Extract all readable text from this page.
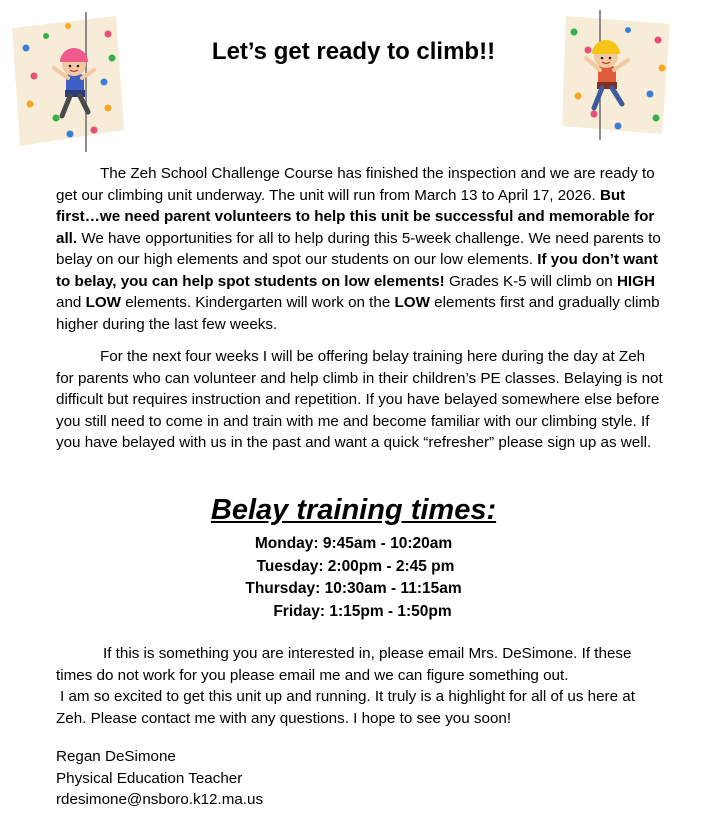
Let’s get ready to climb!!

The Zeh School Challenge Course has finished the inspection and we are ready to get our climbing unit underway. The unit will run from March 13 to April 17, 2026. But first…we need parent volunteers to help this unit be successful and memorable for all. We have opportunities for all to help during this 5-week challenge. We need parents to belay on our high elements and spot our students on our low elements. If you don’t want to belay, you can help spot students on low elements! Grades K-5 will climb on HIGH and LOW elements. Kindergarten will work on the LOW elements first and gradually climb higher during the last few weeks.

For the next four weeks I will be offering belay training here during the day at Zeh for parents who can volunteer and help climb in their children’s PE classes. Belaying is not difficult but requires instruction and repetition. If you have belayed somewhere else before you still need to come in and train with me and become familiar with our climbing style. If you have belayed with us in the past and want a quick “refresher” please sign up as well.

Belay training times:
Monday: 9:45am - 10:20am
Tuesday: 2:00pm - 2:45 pm
Thursday: 10:30am - 11:15am
Friday: 1:15pm - 1:50pm

If this is something you are interested in, please email Mrs. DeSimone. If these times do not work for you please email me and we can figure something out.
I am so excited to get this unit up and running. It truly is a highlight for all of us here at Zeh. Please contact me with any questions. I hope to see you soon!

Regan DeSimone
Physical Education Teacher
rdesimone@nsboro.k12.ma.us
